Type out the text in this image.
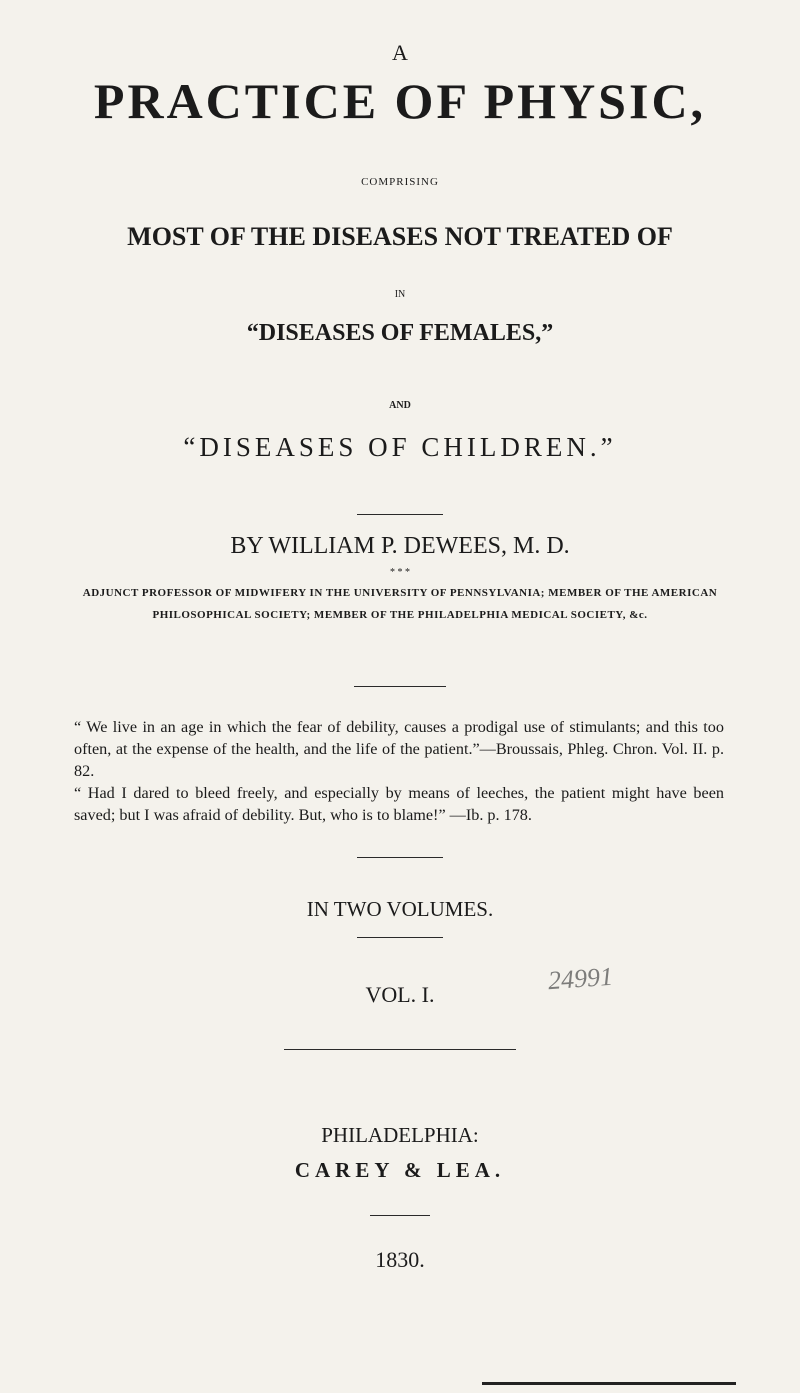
A
PRACTICE OF PHYSIC,
COMPRISING
MOST OF THE DISEASES NOT TREATED OF
IN
“DISEASES OF FEMALES,”
AND
“DISEASES OF CHILDREN.”
BY WILLIAM P. DEWEES, M. D.
* * *
ADJUNCT PROFESSOR OF MIDWIFERY IN THE UNIVERSITY OF PENNSYLVANIA; MEMBER OF THE AMERICAN PHILOSOPHICAL SOCIETY; MEMBER OF THE PHILADELPHIA MEDICAL SOCIETY, &c.
“ We live in an age in which the fear of debility, causes a prodigal use of stimulants; and this too often, at the expense of the health, and the life of the patient.”—Broussais, Phleg. Chron. Vol. II. p. 82.
“ Had I dared to bleed freely, and especially by means of leeches, the patient might have been saved; but I was afraid of debility. But, who is to blame!” —Ib. p. 178.
IN TWO VOLUMES.
VOL. I.	24991
PHILADELPHIA:
CAREY & LEA.
1830.
